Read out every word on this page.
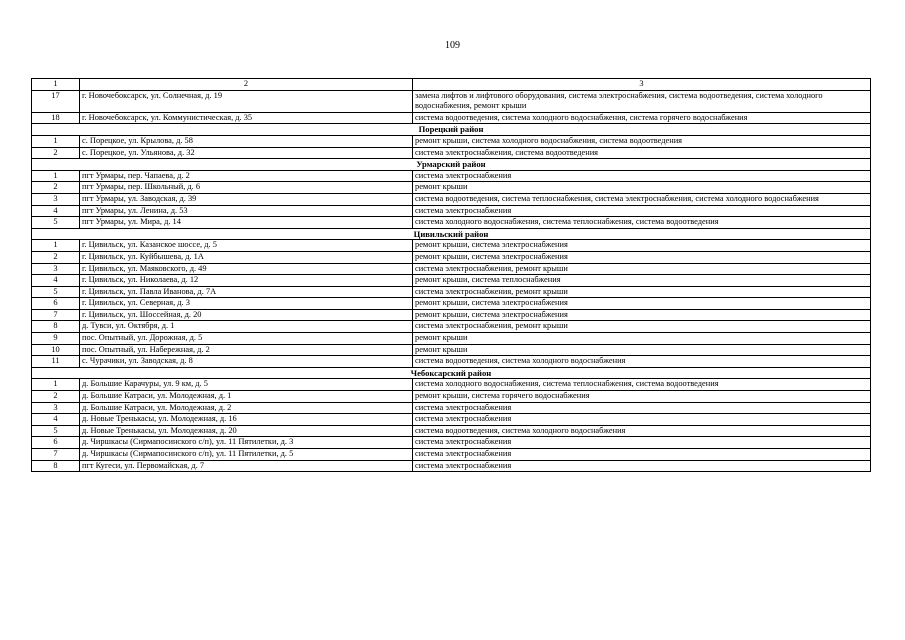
109
1	2	3
17	г. Новочебоксарск, ул. Солнечная, д. 19	замена лифтов и лифтового оборудования, система электроснабжения, система водоотведения, система холодного водоснабжения, ремонт крыши
18	г. Новочебоксарск, ул. Коммунистическая, д. 35	система водоотведения, система холодного водоснабжения, система горячего водоснабжения
Порецкий район		
1	с. Порецкое, ул. Крылова, д. 58	ремонт крыши, система холодного водоснабжения, система водоотведения
2	с. Порецкое, ул. Ульянова, д. 32	система электроснабжения, система водоотведения
Урмарский район		
1	пгт Урмары, пер. Чапаева, д. 2	система электроснабжения
2	пгт Урмары, пер. Школьный, д. 6	ремонт крыши
3	пгт Урмары, ул. Заводская, д. 39	система водоотведения, система теплоснабжения, система электроснабжения, система холодного водоснабжения
4	пгт Урмары, ул. Ленина, д. 53	система электроснабжения
5	пгт Урмары, ул. Мира, д. 14	система холодного водоснабжения, система теплоснабжения, система водоотведения
Цивильский район		
1	г. Цивильск, ул. Казанское шоссе, д. 5	ремонт крыши, система электроснабжения
2	г. Цивильск, ул. Куйбышева, д. 1А	ремонт крыши, система электроснабжения
3	г. Цивильск, ул. Маяковского, д. 49	система электроснабжения, ремонт крыши
4	г. Цивильск, ул. Николаева, д. 12	ремонт крыши, система теплоснабжения
5	г. Цивильск, ул. Павла Иванова, д. 7А	система электроснабжения, ремонт крыши
6	г. Цивильск, ул. Северная, д. 3	ремонт крыши, система электроснабжения
7	г. Цивильск, ул. Шоссейная, д. 20	ремонт крыши, система электроснабжения
8	д. Тувси, ул. Октября, д. 1	система электроснабжения, ремонт крыши
9	пос. Опытный, ул. Дорожная, д. 5	ремонт крыши
10	пос. Опытный, ул. Набережная, д. 2	ремонт крыши
11	с. Чурачики, ул. Заводская, д. 8	система водоотведения, система холодного водоснабжения
Чебоксарский район		
1	д. Большие Карачуры, ул. 9 км, д. 5	система холодного водоснабжения, система теплоснабжения, система водоотведения
2	д. Большие Катраси, ул. Молодежная, д. 1	ремонт крыши, система горячего водоснабжения
3	д. Большие Катраси, ул. Молодежная, д. 2	система электроснабжения
4	д. Новые Тренькасы, ул. Молодежная, д. 16	система электроснабжения
5	д. Новые Тренькасы, ул. Молодежная, д. 20	система водоотведения, система холодного водоснабжения
6	д. Чиршкасы (Сирмапосинского с/п), ул. 11 Пятилетки, д. 3	система электроснабжения
7	д. Чиршкасы (Сирмапосинского с/п), ул. 11 Пятилетки, д. 5	система электроснабжения
8	пгт Кугеси, ул. Первомайская, д. 7	система электроснабжения
